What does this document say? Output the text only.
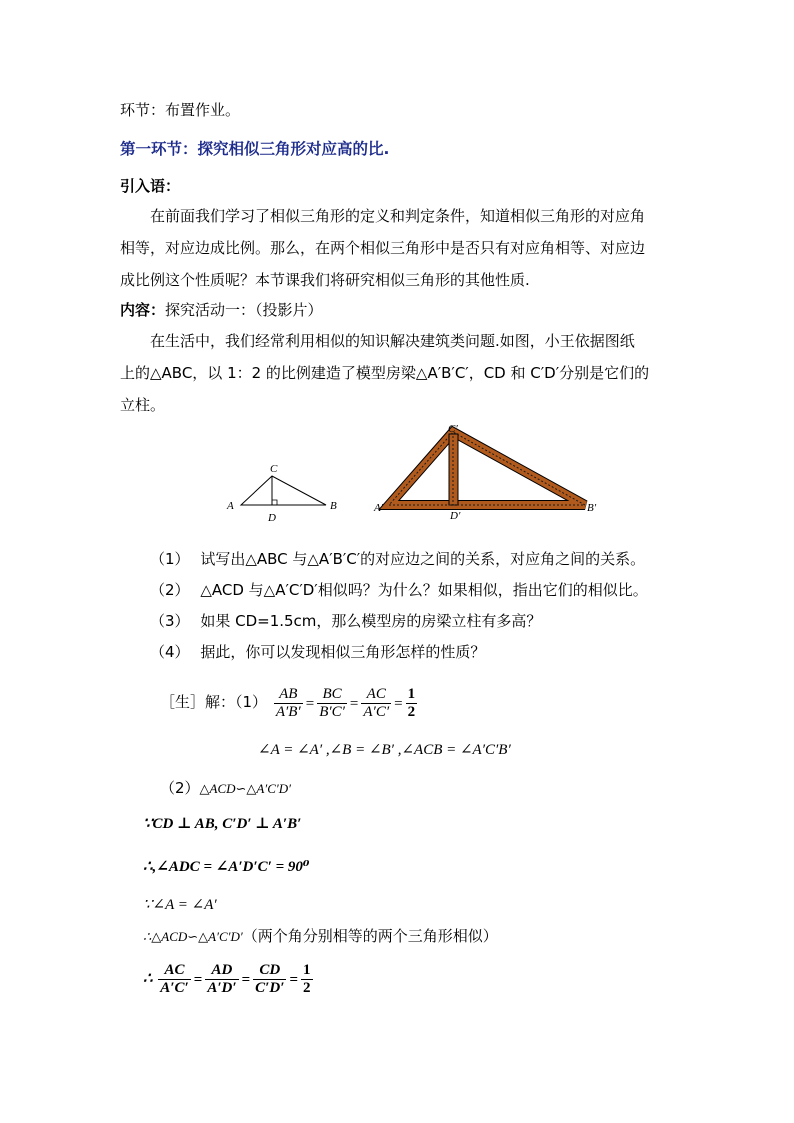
环节：布置作业。
第一环节：探究相似三角形对应高的比.
引入语：
在前面我们学习了相似三角形的定义和判定条件，知道相似三角形的对应角
相等，对应边成比例。那么，在两个相似三角形中是否只有对应角相等、对应边
成比例这个性质呢？本节课我们将研究相似三角形的其他性质.
内容：探究活动一：（投影片）
在生活中，我们经常利用相似的知识解决建筑类问题.如图，小王依据图纸
上的△ABC，以 1：2 的比例建造了模型房梁△A′B′C′，CD 和 C′D′分别是它们的
立柱。
A	B
C
D
A′	B′
C′
D′
（1） 试写出△ABC 与△A′B′C′的对应边之间的关系，对应角之间的关系。
（2） △ACD 与△A′C′D′相似吗？为什么？如果相似，指出它们的相似比。
（3） 如果 CD=1.5cm，那么模型房的房梁立柱有多高？
（4） 据此，你可以发现相似三角形怎样的性质？
［生］解：$(1) \frac{AB}{A'B'} = \frac{BC}{B'C'} = \frac{AC}{A'C'} = \frac{1}{2}$
∠A = ∠A′ ,∠B = ∠B′ ,∠ACB = ∠A′C′B′
（2）△ACD∽△A′C′D′
∵CD ⊥ AB, C′D′ ⊥ A′B′
∴,∠ADC = ∠A′D′C′ = 90⁰
∵∠A = ∠A′
∴△ACD∽△A′C′D′（两个角分别相等的两个三角形相似）
∴ $\frac{AC}{A'C'} = \frac{AD}{A'D'} = \frac{CD}{C'D'} = \frac{1}{2}$
